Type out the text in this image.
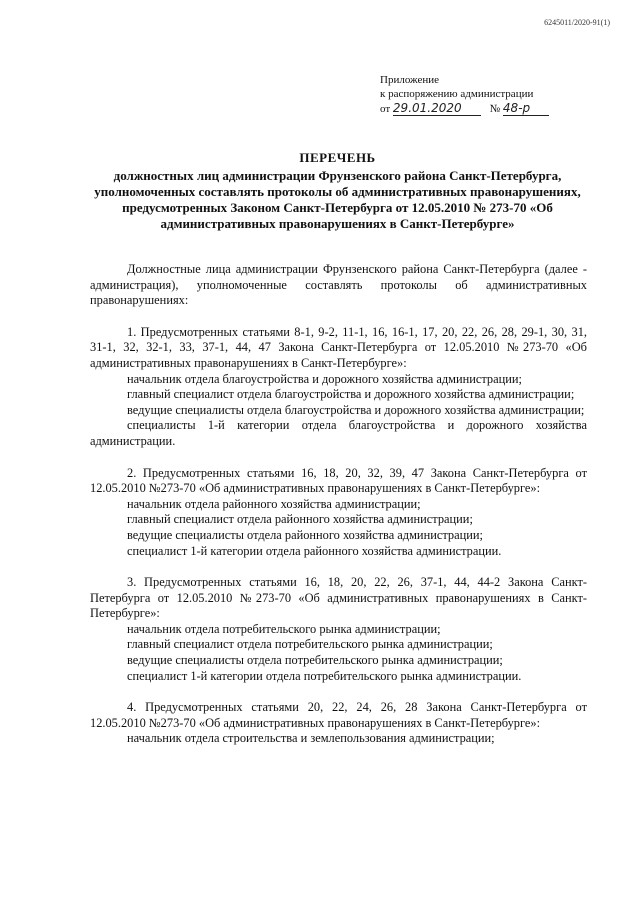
6245011/2020-91(1)
Приложение
к распоряжению администрации
от 29.01.2020	№ 48-р
ПЕРЕЧЕНЬ
должностных лиц администрации Фрунзенского района Санкт-Петербурга, уполномоченных составлять протоколы об административных правонарушениях, предусмотренных Законом Санкт-Петербурга от 12.05.2010 № 273-70 «Об административных правонарушениях в Санкт-Петербурге»

Должностные лица администрации Фрунзенского района Санкт-Петербурга (далее - администрация), уполномоченные составлять протоколы об административных правонарушениях:

1. Предусмотренных статьями 8-1, 9-2, 11-1, 16, 16-1, 17, 20, 22, 26, 28, 29-1, 30, 31, 31-1, 32, 32-1, 33, 37-1, 44, 47 Закона Санкт-Петербурга от 12.05.2010 №273-70 «Об административных правонарушениях в Санкт-Петербурге»:

начальник отдела благоустройства и дорожного хозяйства администрации;

главный специалист отдела благоустройства и дорожного хозяйства администрации;

ведущие специалисты отдела благоустройства и дорожного хозяйства администрации;

специалисты 1-й категории отдела благоустройства и дорожного хозяйства администрации.

2. Предусмотренных статьями 16, 18, 20, 32, 39, 47 Закона Санкт-Петербурга от 12.05.2010 №273-70 «Об административных правонарушениях в Санкт-Петербурге»:

начальник отдела районного хозяйства администрации;

главный специалист отдела районного хозяйства администрации;

ведущие специалисты отдела районного хозяйства администрации;

специалист 1-й категории отдела районного хозяйства администрации.

3. Предусмотренных статьями 16, 18, 20, 22, 26, 37-1, 44, 44-2 Закона Санкт-Петербурга от 12.05.2010 №273-70 «Об административных правонарушениях в Санкт-Петербурге»:

начальник отдела потребительского рынка администрации;

главный специалист отдела потребительского рынка администрации;

ведущие специалисты отдела потребительского рынка администрации;

специалист 1-й категории отдела потребительского рынка администрации.

4. Предусмотренных статьями 20, 22, 24, 26, 28 Закона Санкт-Петербурга от 12.05.2010 №273-70 «Об административных правонарушениях в Санкт-Петербурге»:

начальник отдела строительства и землепользования администрации;
